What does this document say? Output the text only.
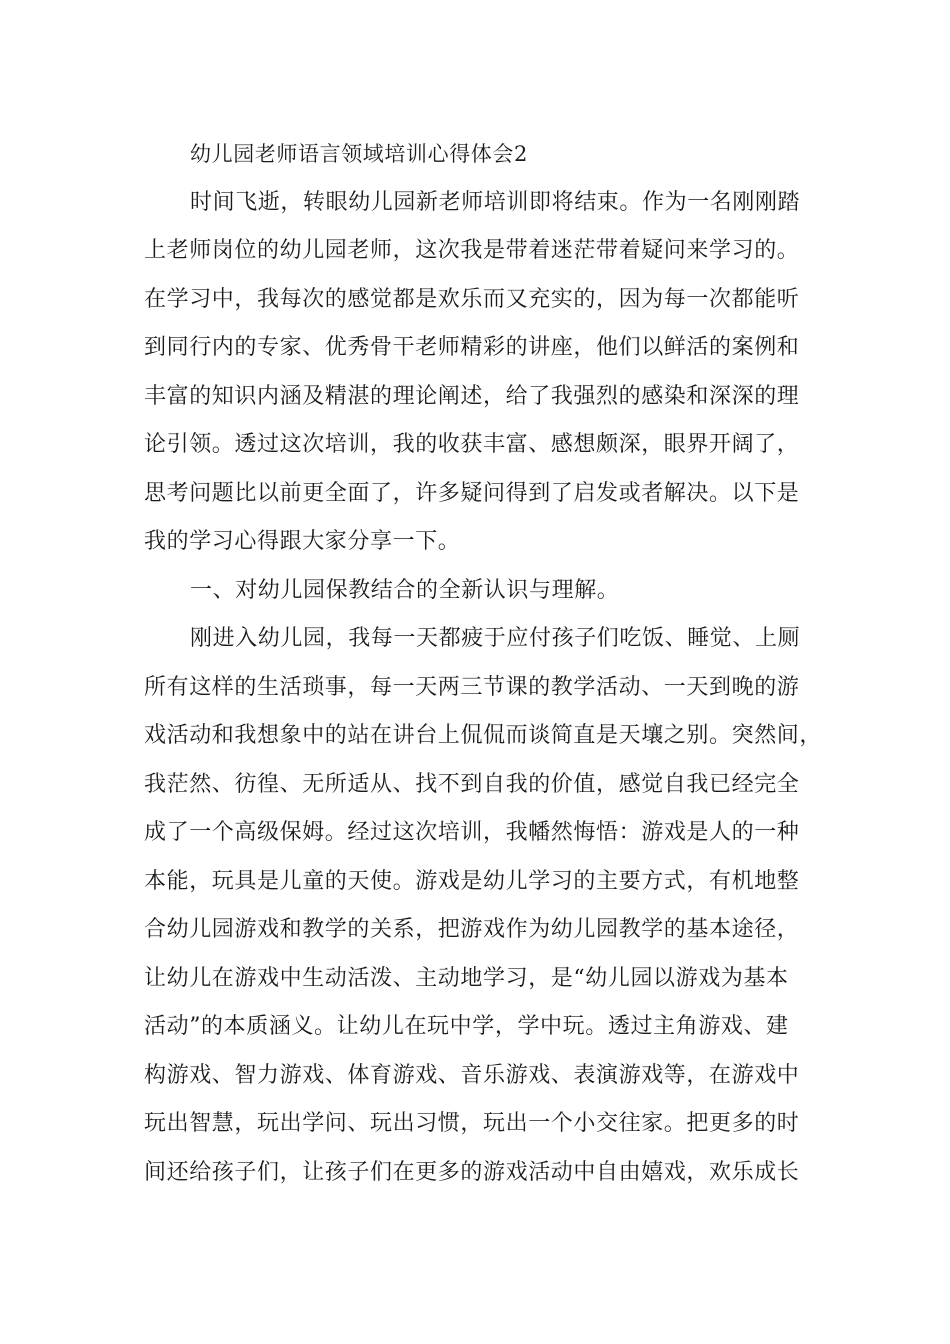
幼儿园老师语言领域培训心得体会2
时间飞逝，转眼幼儿园新老师培训即将结束。作为一名刚刚踏
上老师岗位的幼儿园老师，这次我是带着迷茫带着疑问来学习的。
在学习中，我每次的感觉都是欢乐而又充实的，因为每一次都能听
到同行内的专家、优秀骨干老师精彩的讲座，他们以鲜活的案例和
丰富的知识内涵及精湛的理论阐述，给了我强烈的感染和深深的理
论引领。透过这次培训，我的收获丰富、感想颇深，眼界开阔了，
思考问题比以前更全面了，许多疑问得到了启发或者解决。以下是
我的学习心得跟大家分享一下。
一、对幼儿园保教结合的全新认识与理解。
刚进入幼儿园，我每一天都疲于应付孩子们吃饭、睡觉、上厕
所有这样的生活琐事，每一天两三节课的教学活动、一天到晚的游
戏活动和我想象中的站在讲台上侃侃而谈简直是天壤之别。突然间，
我茫然、彷徨、无所适从、找不到自我的价值，感觉自我已经完全
成了一个高级保姆。经过这次培训，我幡然悔悟：游戏是人的一种
本能，玩具是儿童的天使。游戏是幼儿学习的主要方式，有机地整
合幼儿园游戏和教学的关系，把游戏作为幼儿园教学的基本途径，
让幼儿在游戏中生动活泼、主动地学习，是“幼儿园以游戏为基本
活动”的本质涵义。让幼儿在玩中学，学中玩。透过主角游戏、建
构游戏、智力游戏、体育游戏、音乐游戏、表演游戏等，在游戏中
玩出智慧，玩出学问、玩出习惯，玩出一个小交往家。把更多的时
间还给孩子们，让孩子们在更多的游戏活动中自由嬉戏，欢乐成长
